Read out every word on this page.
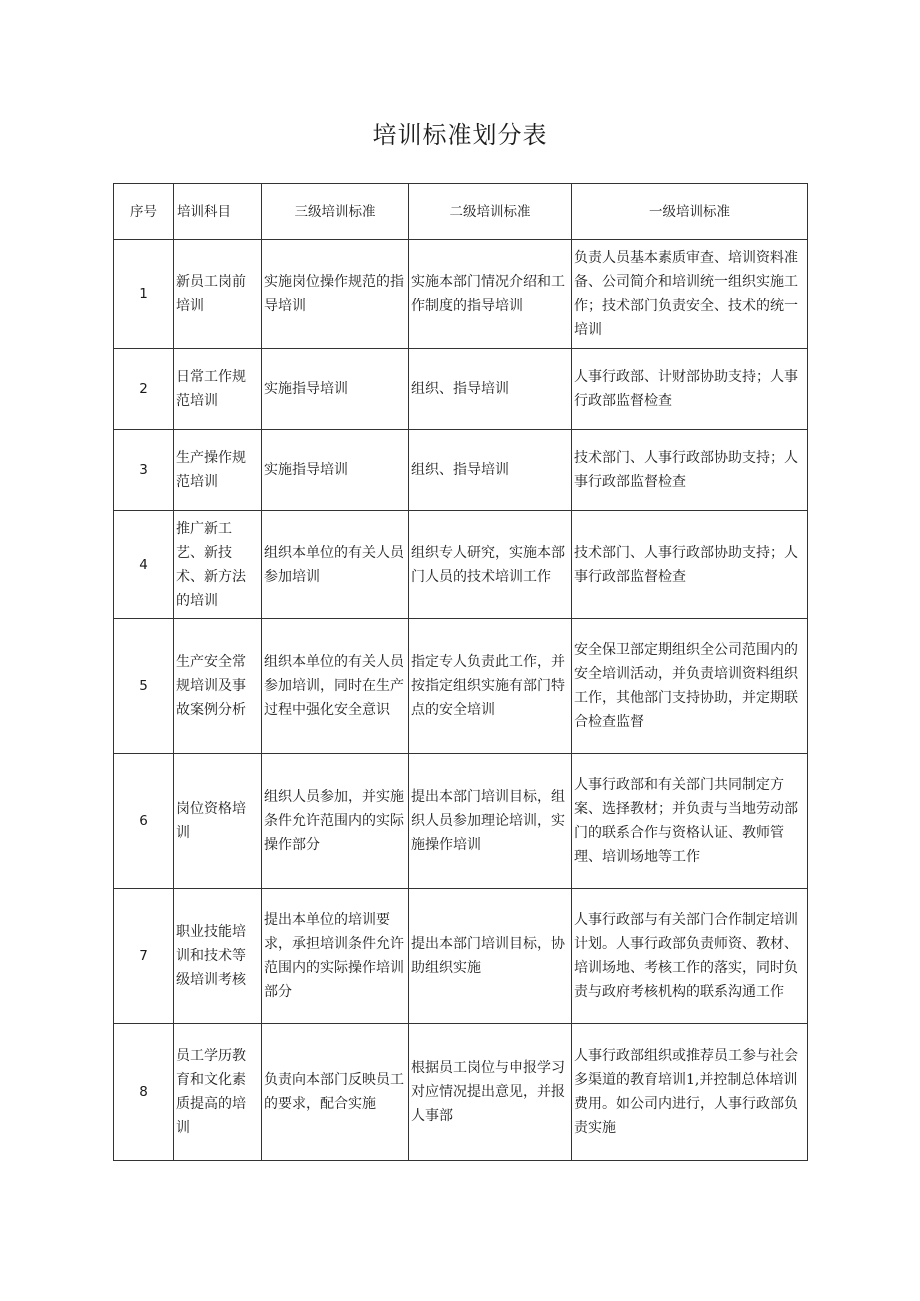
培训标准划分表
序号	培训科目	三级培训标准	二级培训标准	一级培训标准
1	新员工岗前培训	实施岗位操作规范的指导培训	实施本部门情况介绍和工作制度的指导培训	负责人员基本素质审查、培训资料准备、公司简介和培训统一组织实施工作；技术部门负责安全、技术的统一培训
2	日常工作规范培训	实施指导培训	组织、指导培训	人事行政部、计财部协助支持；人事行政部监督检查
3	生产操作规范培训	实施指导培训	组织、指导培训	技术部门、人事行政部协助支持；人事行政部监督检查
4	推广新工艺、新技术、新方法的培训	组织本单位的有关人员参加培训	组织专人研究，实施本部门人员的技术培训工作	技术部门、人事行政部协助支持；人事行政部监督检查
5	生产安全常规培训及事故案例分析	组织本单位的有关人员参加培训，同时在生产过程中强化安全意识	指定专人负责此工作，并按指定组织实施有部门特点的安全培训	安全保卫部定期组织全公司范围内的安全培训活动，并负责培训资料组织工作，其他部门支持协助，并定期联合检查监督
6	岗位资格培训	组织人员参加，并实施条件允许范围内的实际操作部分	提出本部门培训目标，组织人员参加理论培训，实施操作培训	人事行政部和有关部门共同制定方案、选择教材；并负责与当地劳动部门的联系合作与资格认证、教师管理、培训场地等工作
7	职业技能培训和技术等级培训考核	提出本单位的培训要求，承担培训条件允许范围内的实际操作培训部分	提出本部门培训目标，协助组织实施	人事行政部与有关部门合作制定培训计划。人事行政部负责师资、教材、培训场地、考核工作的落实，同时负责与政府考核机构的联系沟通工作
8	员工学历教育和文化素质提高的培训	负责向本部门反映员工的要求，配合实施	根据员工岗位与申报学习对应情况提出意见，并报人事部	人事行政部组织或推荐员工参与社会多渠道的教育培训1,并控制总体培训费用。如公司内进行，人事行政部负责实施
